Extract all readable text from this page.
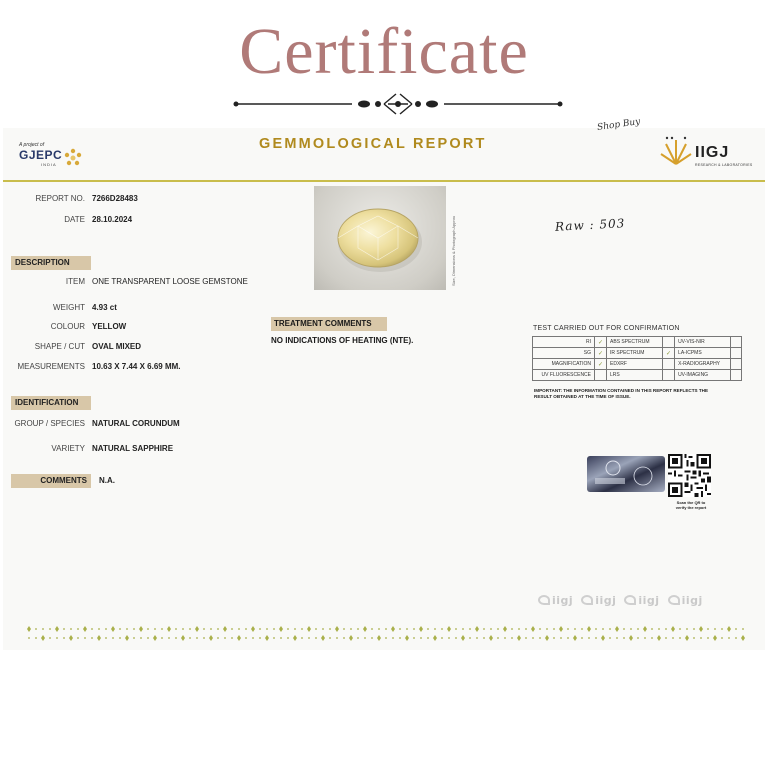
Certificate
A project of
GJEPC
INDIA
GEMMOLOGICAL REPORT
Shop Buy
IIGJ
RESEARCH & LABORATORIES
REPORT NO. 7266D28483
DATE 28.10.2024
DESCRIPTION
ITEM ONE TRANSPARENT LOOSE GEMSTONE
WEIGHT 4.93 ct
COLOUR YELLOW
SHAPE / CUT OVAL MIXED
MEASUREMENTS 10.63 X 7.44 X 6.69 MM.
IDENTIFICATION
GROUP / SPECIES NATURAL CORUNDUM
VARIETY NATURAL SAPPHIRE
COMMENTS	N.A.
Size, Dimensions & Photograph Approx
TREATMENT COMMENTS
NO INDICATIONS OF HEATING (NTE).
Raw : 503
TEST CARRIED OUT FOR CONFIRMATION
RI	✓	ABS SPECTRUM		UV-VIS-NIR	
SG	✓	IR SPECTRUM	✓	LA-ICPMS	
MAGNIFICATION	✓	EDXRF		X-RADIOGRAPHY	
UV FLUORESCENCE		LRS		UV-IMAGING	
IMPORTANT: THE INFORMATION CONTAINED IN THIS REPORT REFLECTS THE RESULT OBTAINED AT THE TIME OF ISSUE.
Scan the QR to verify the report
iigj	iigj	iigj	iigj
